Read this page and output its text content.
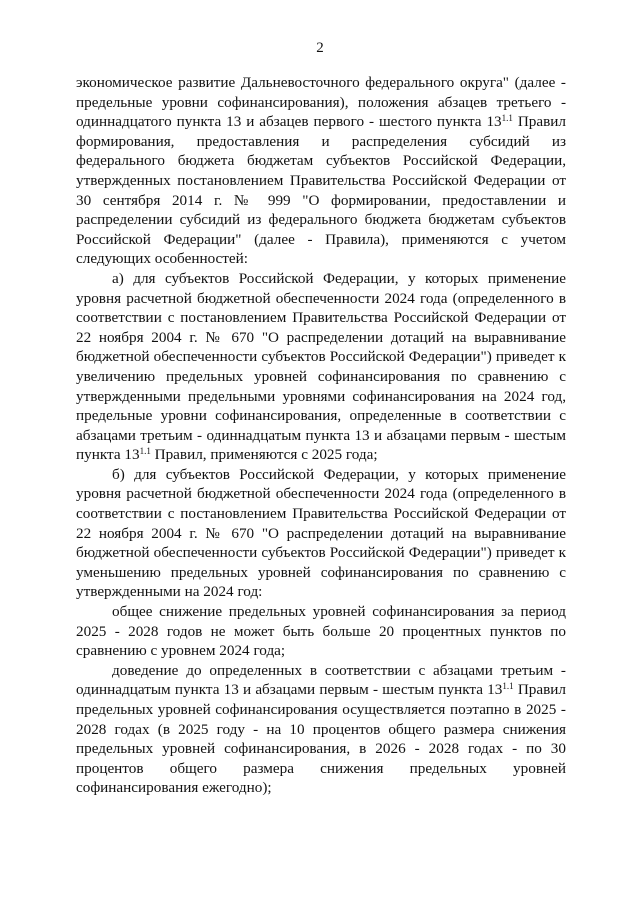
2

экономическое развитие Дальневосточного федерального округа" (далее - предельные уровни софинансирования), положения абзацев третьего - одиннадцатого пункта 13 и абзацев первого - шестого пункта $13^{1.1}$ Правил формирования, предоставления и распределения субсидий из федерального бюджета бюджетам субъектов Российской Федерации, утвержденных постановлением Правительства Российской Федерации от 30 сентября 2014 г. № 999 "О формировании, предоставлении и распределении субсидий из федерального бюджета бюджетам субъектов Российской Федерации" (далее - Правила), применяются с учетом следующих особенностей:

а) для субъектов Российской Федерации, у которых применение уровня расчетной бюджетной обеспеченности 2024 года (определенного в соответствии с постановлением Правительства Российской Федерации от 22 ноября 2004 г. № 670 "О распределении дотаций на выравнивание бюджетной обеспеченности субъектов Российской Федерации") приведет к увеличению предельных уровней софинансирования по сравнению с утвержденными предельными уровнями софинансирования на 2024 год, предельные уровни софинансирования, определенные в соответствии с абзацами третьим - одиннадцатым пункта 13 и абзацами первым - шестым пункта $13^{1.1}$ Правил, применяются с 2025 года;

б) для субъектов Российской Федерации, у которых применение уровня расчетной бюджетной обеспеченности 2024 года (определенного в соответствии с постановлением Правительства Российской Федерации от 22 ноября 2004 г. № 670 "О распределении дотаций на выравнивание бюджетной обеспеченности субъектов Российской Федерации") приведет к уменьшению предельных уровней софинансирования по сравнению с утвержденными на 2024 год:

общее снижение предельных уровней софинансирования за период 2025 - 2028 годов не может быть больше 20 процентных пунктов по сравнению с уровнем 2024 года;

доведение до определенных в соответствии с абзацами третьим - одиннадцатым пункта 13 и абзацами первым - шестым пункта $13^{1.1}$ Правил предельных уровней софинансирования осуществляется поэтапно в 2025 - 2028 годах (в 2025 году - на 10 процентов общего размера снижения предельных уровней софинансирования, в 2026 - 2028 годах - по 30 процентов общего размера снижения предельных уровней софинансирования ежегодно);
